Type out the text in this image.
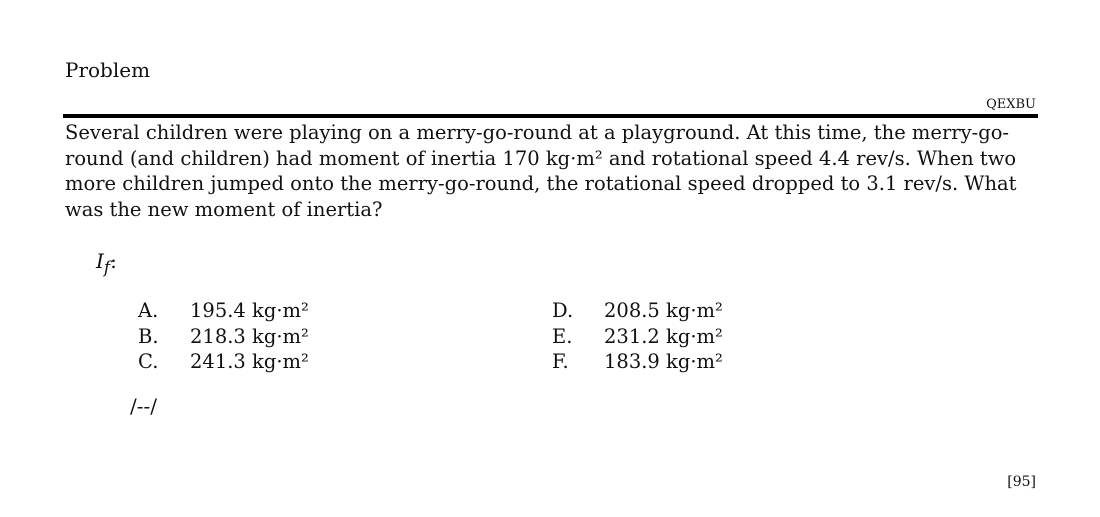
Problem
QEXBU

Several children were playing on a merry-go-round at a playground. At this time, the merry-go-round (and children) had moment of inertia 170 kg·m² and rotational speed 4.4 rev/s. When two more children jumped onto the merry-go-round, the rotational speed dropped to 3.1 rev/s. What was the new moment of inertia?

$I_f$:
A.	195.4 kg·m²
B.	218.3 kg·m²
C.	241.3 kg·m²
D.	208.5 kg·m²
E.	231.2 kg·m²
F.	183.9 kg·m²
/--/
[95]
